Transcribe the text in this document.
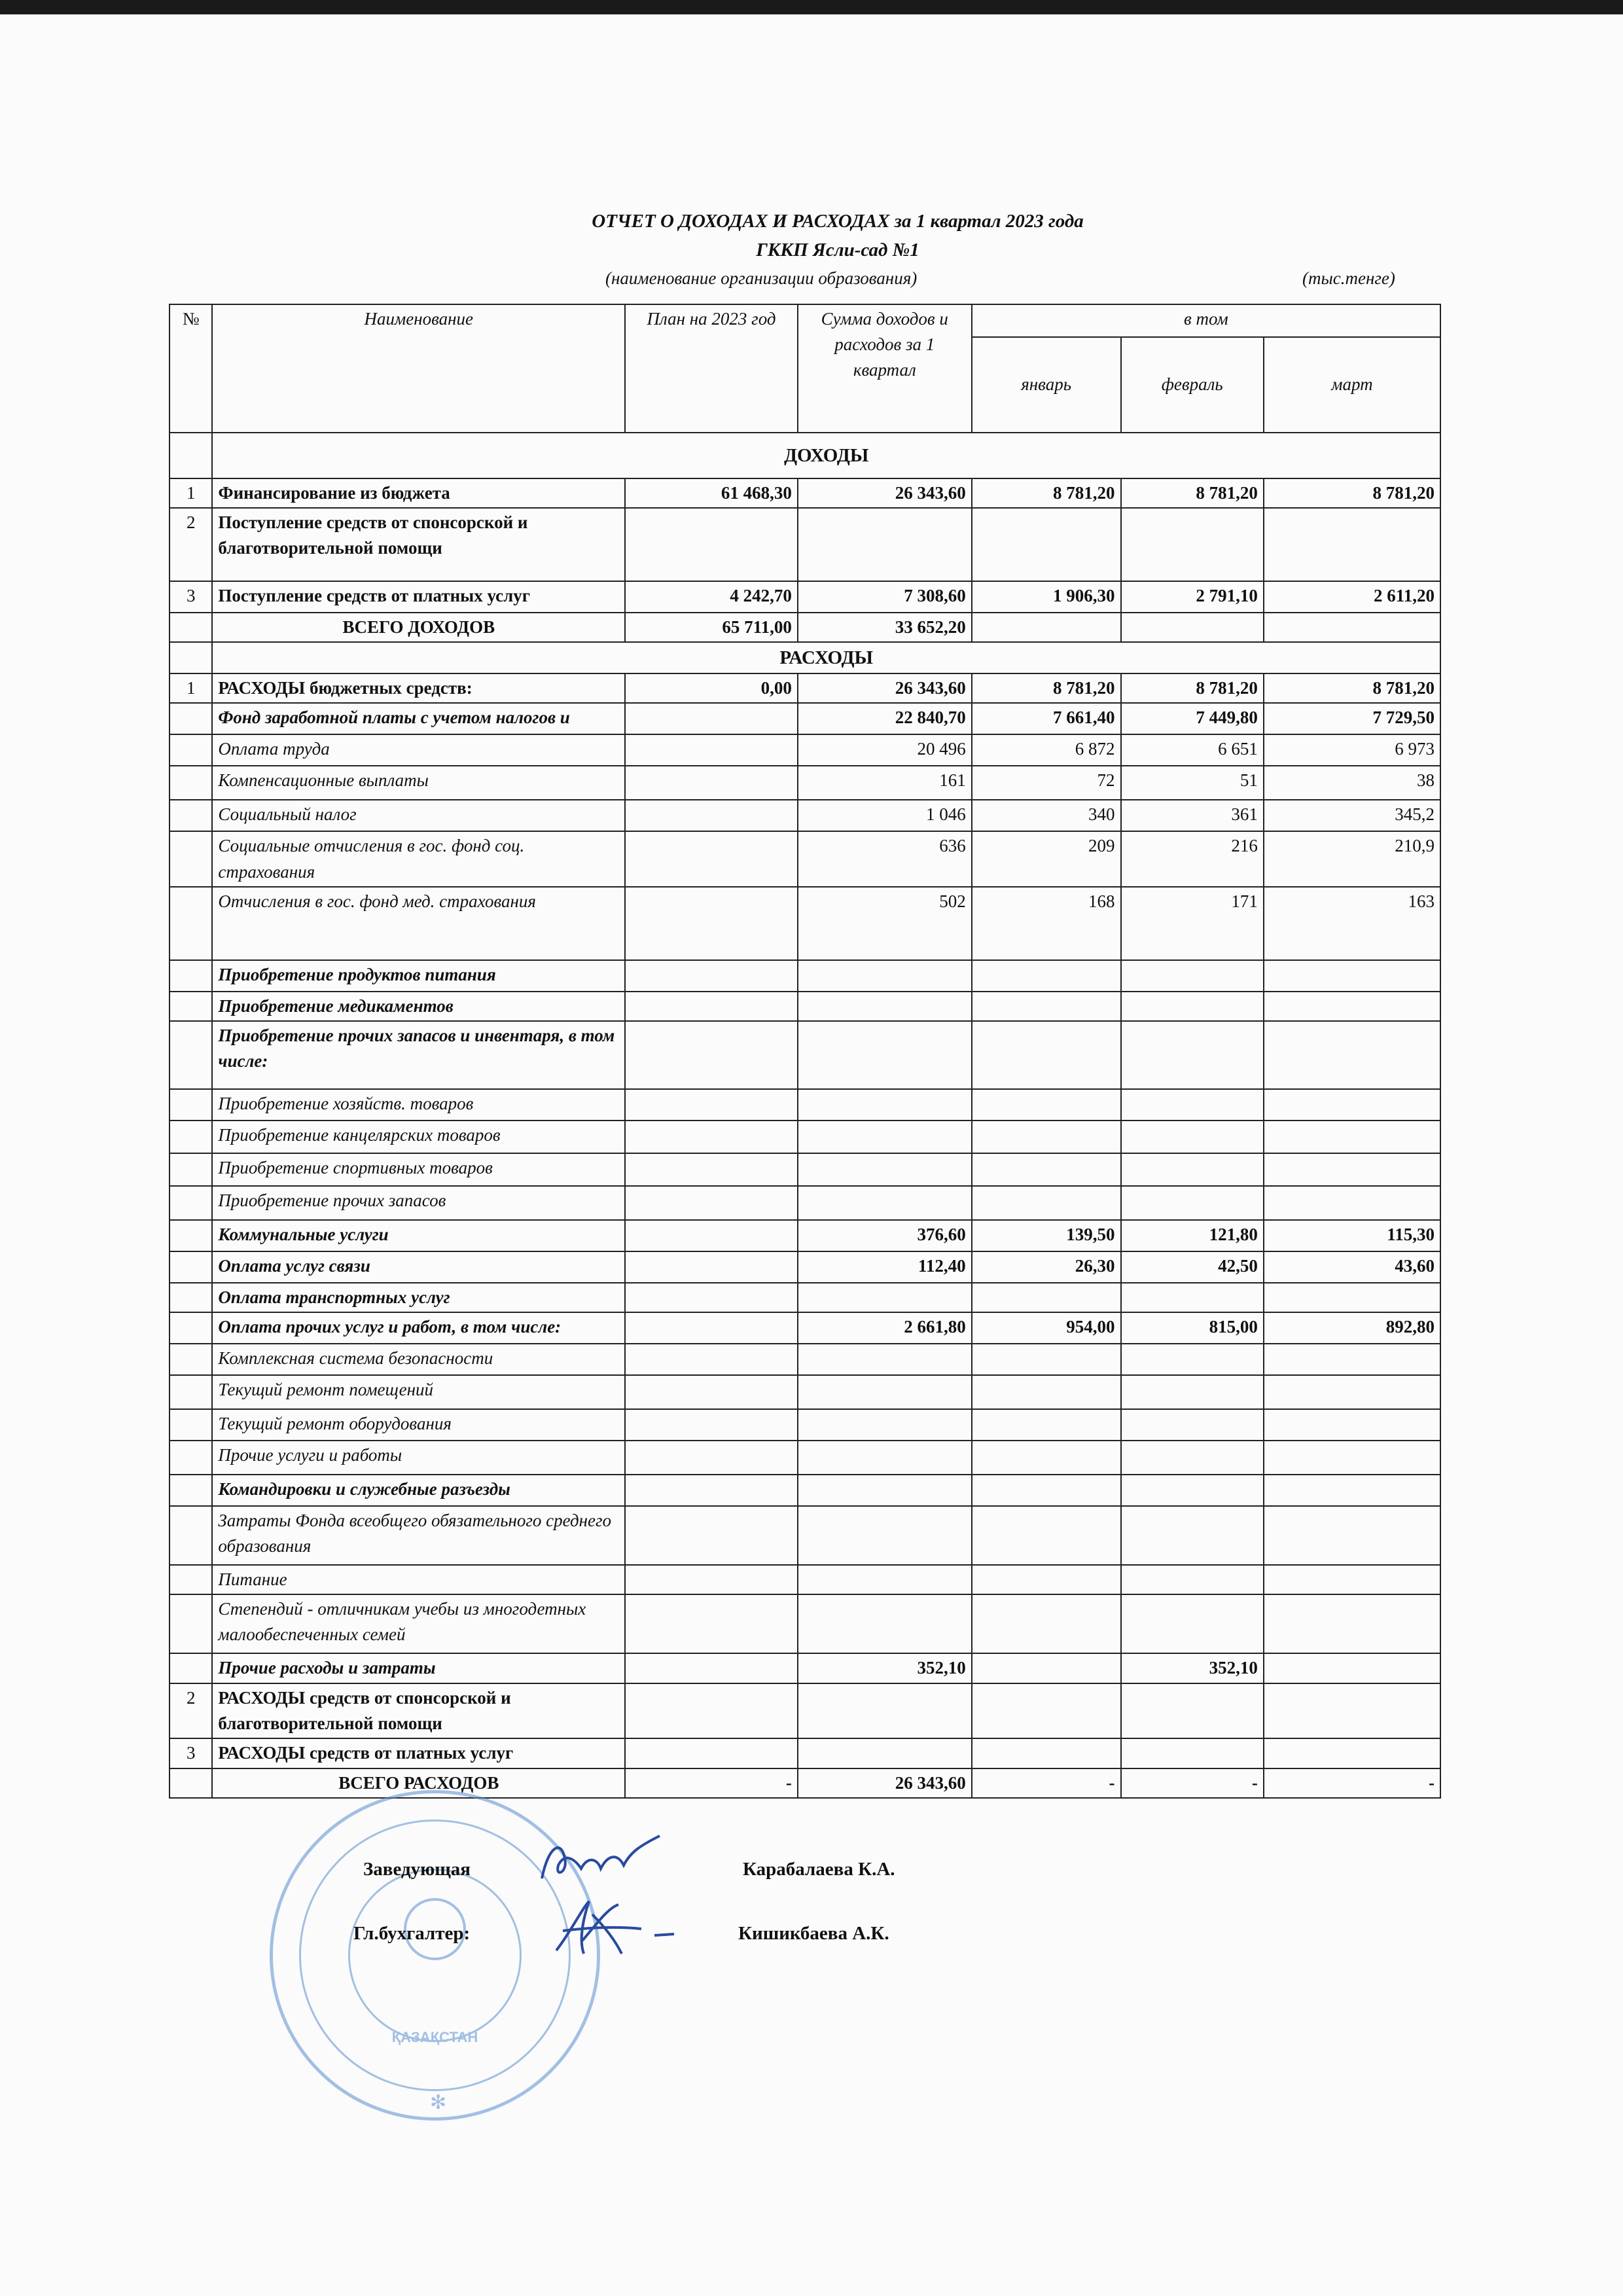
ОТЧЕТ О ДОХОДАХ И РАСХОДАХ за 1 квартал 2023 года
ГККП Ясли-сад №1
(наименование организации образования)	(тыс.тенге)
№	Наименование	План на 2023 год	Сумма доходов и расходов за 1 квартал	в том		
				январь	февраль	март
	ДОХОДЫ					
1	Финансирование из бюджета	61 468,30	26 343,60	8 781,20	8 781,20	8 781,20
2	Поступление средств от спонсорской и благотворительной помощи					
3	Поступление средств от платных услуг	4 242,70	7 308,60	1 906,30	2 791,10	2 611,20
	ВСЕГО ДОХОДОВ	65 711,00	33 652,20			
	РАСХОДЫ					
1	РАСХОДЫ бюджетных средств:	0,00	26 343,60	8 781,20	8 781,20	8 781,20
	Фонд заработной платы с учетом налогов и		22 840,70	7 661,40	7 449,80	7 729,50
	Оплата труда		20 496	6 872	6 651	6 973
	Компенсационные выплаты		161	72	51	38
	Социальный налог		1 046	340	361	345,2
	Социальные отчисления в гос. фонд соц. страхования		636	209	216	210,9
	Отчисления в гос. фонд мед. страхования		502	168	171	163
	Приобретение продуктов питания					
	Приобретение медикаментов					
	Приобретение прочих запасов и инвентаря, в том числе:					
	Приобретение хозяйств. товаров					
	Приобретение канцелярских товаров					
	Приобретение спортивных товаров					
	Приобретение прочих запасов					
	Коммунальные услуги		376,60	139,50	121,80	115,30
	Оплата услуг связи		112,40	26,30	42,50	43,60
	Оплата транспортных услуг					
	Оплата прочих услуг и работ, в том числе:		2 661,80	954,00	815,00	892,80
	Комплексная система безопасности					
	Текущий ремонт помещений					
	Текущий ремонт оборудования					
	Прочие услуги и работы					
	Командировки и служебные разъезды					
	Затраты Фонда всеобщего обязательного среднего образования					
	Питание					
	Степендий - отличникам учебы из многодетных малообеспеченных семей					
	Прочие расходы и затраты		352,10		352,10	
2	РАСХОДЫ средств от спонсорской и благотворительной помощи					
3	РАСХОДЫ средств от платных услуг					
	ВСЕГО РАСХОДОВ	-	26 343,60	-	-	-
ҚАЗАҚСТАН
✻
Заведующая	Карабалаева К.А.
Гл.бухгалтер:	Кишикбаева А.К.
